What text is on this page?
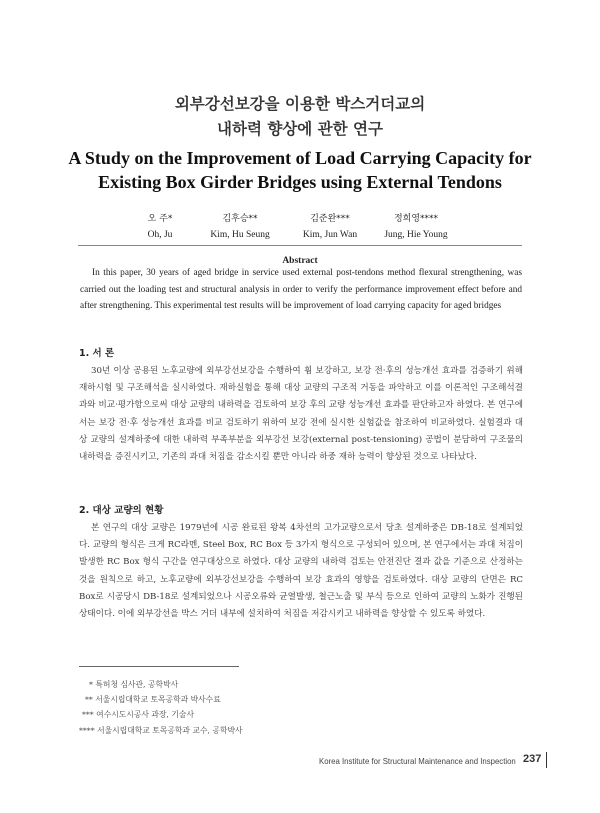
외부강선보강을 이용한 박스거더교의
내하력 향상에 관한 연구
A Study on the Improvement of Load Carrying Capacity for
Existing Box Girder Bridges using External Tendons
오 주*
Oh, Ju
김후승**
Kim, Hu Seung
김준완***
Kim, Jun Wan
정희영****
Jung, Hie Young
Abstract
In this paper, 30 years of aged bridge in service used external post-tendons method flexural strengthening, was carried out the loading test and structural analysis in order to verify the performance improvement effect before and after strengthening. This experimental test results will be improvement of load carrying capacity for aged bridges
1. 서 론
30년 이상 공용된 노후교량에 외부강선보강을 수행하여 휨 보강하고, 보강 전·후의 성능개선 효과를 검증하기 위해 재하시험 및 구조해석을 실시하였다. 재하실험을 통해 대상 교량의 구조적 거동을 파악하고 이를 이론적인 구조해석결과와 비교·평가함으로써 대상 교량의 내하력을 검토하여 보강 후의 교량 성능개선 효과를 판단하고자 하였다. 본 연구에서는 보강 전·후 성능개선 효과를 비교 검토하기 위하여 보강 전에 실시한 실험값을 참조하여 비교하였다. 실험결과 대상 교량의 설계하중에 대한 내하력 부족부분을 외부강선 보강(external post-tensioning) 공법이 분담하여 구조물의 내하력을 증진시키고, 기존의 과대 처짐을 감소시킬 뿐만 아니라 하중 재하 능력이 향상된 것으로 나타났다.
2. 대상 교량의 현황
본 연구의 대상 교량은 1979년에 시공 완료된 왕복 4차선의 고가교량으로서 당초 설계하중은 DB-18로 설계되었다. 교량의 형식은 크게 RC라멘, Steel Box, RC Box 등 3가지 형식으로 구성되어 있으며, 본 연구에서는 과대 처짐이 발생한 RC Box 형식 구간을 연구대상으로 하였다. 대상 교량의 내하력 검토는 안전진단 결과 값을 기준으로 산정하는 것을 원칙으로 하고, 노후교량에 외부강선보강을 수행하여 보강 효과의 영향을 검토하였다. 대상 교량의 단면은 RC Box로 시공당시 DB-18로 설계되었으나 시공오류와 균열발생, 철근노출 및 부식 등으로 인하여 교량의 노화가 진행된 상태이다. 이에 외부강선을 박스 거더 내부에 설치하여 처짐을 저감시키고 내하력을 향상할 수 있도록 하였다.
* 특허청 심사관, 공학박사
** 서울시립대학교 토목공학과 박사수료
*** 여수시도시공사 과장, 기술사
**** 서울시립대학교 토목공학과 교수, 공학박사
Korea Institute for Structural Maintenance and Inspection 237
